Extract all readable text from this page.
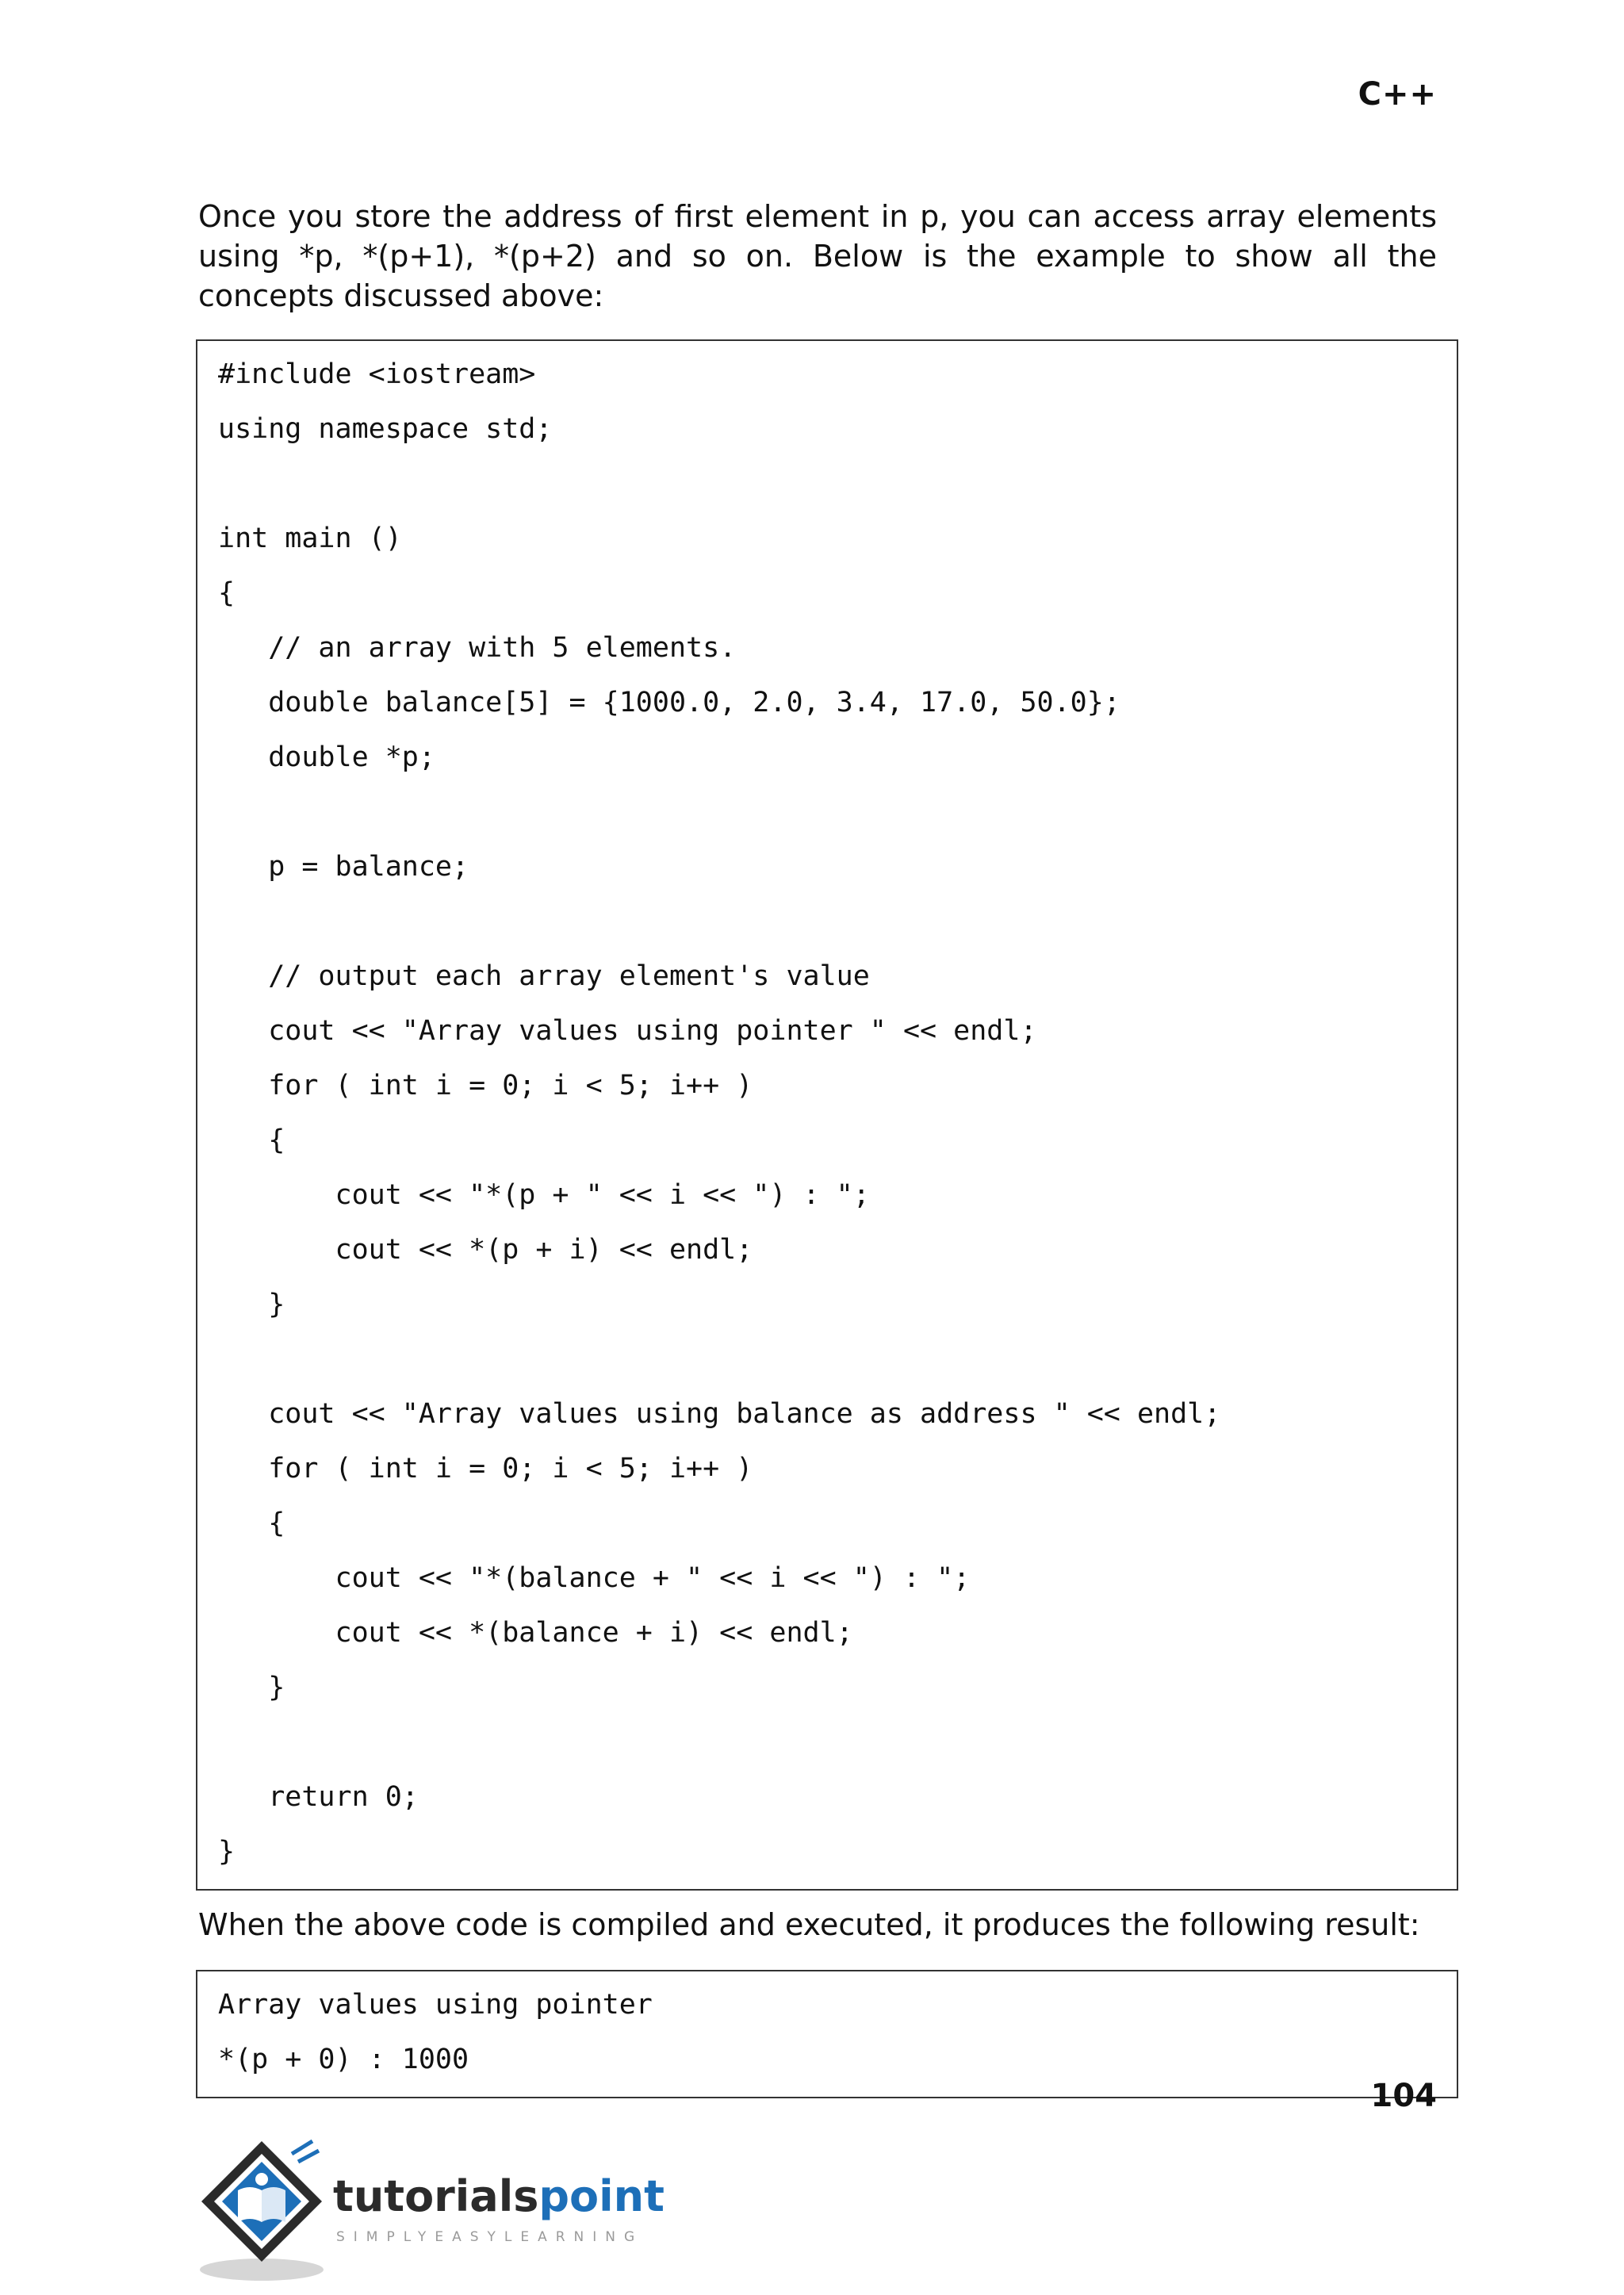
C++
Once you store the address of first element in p, you can access array elements using *p, *(p+1), *(p+2) and so on. Below is the example to show all the concepts discussed above:
#include <iostream>
using namespace std;
int main ()
{
// an array with 5 elements.
double balance[5] = {1000.0, 2.0, 3.4, 17.0, 50.0};
double *p;
p = balance;
// output each array element's value
cout << "Array values using pointer " << endl;
for ( int i = 0; i < 5; i++ )
{
cout << "*(p + " << i << ") : ";
cout << *(p + i) << endl;
}
cout << "Array values using balance as address " << endl;
for ( int i = 0; i < 5; i++ )
{
cout << "*(balance + " << i << ") : ";
cout << *(balance + i) << endl;
}
return 0;
}
When the above code is compiled and executed, it produces the following result:
Array values using pointer
*(p + 0) : 1000
104
tutorials point
SIMPLYEASYLEARNING
